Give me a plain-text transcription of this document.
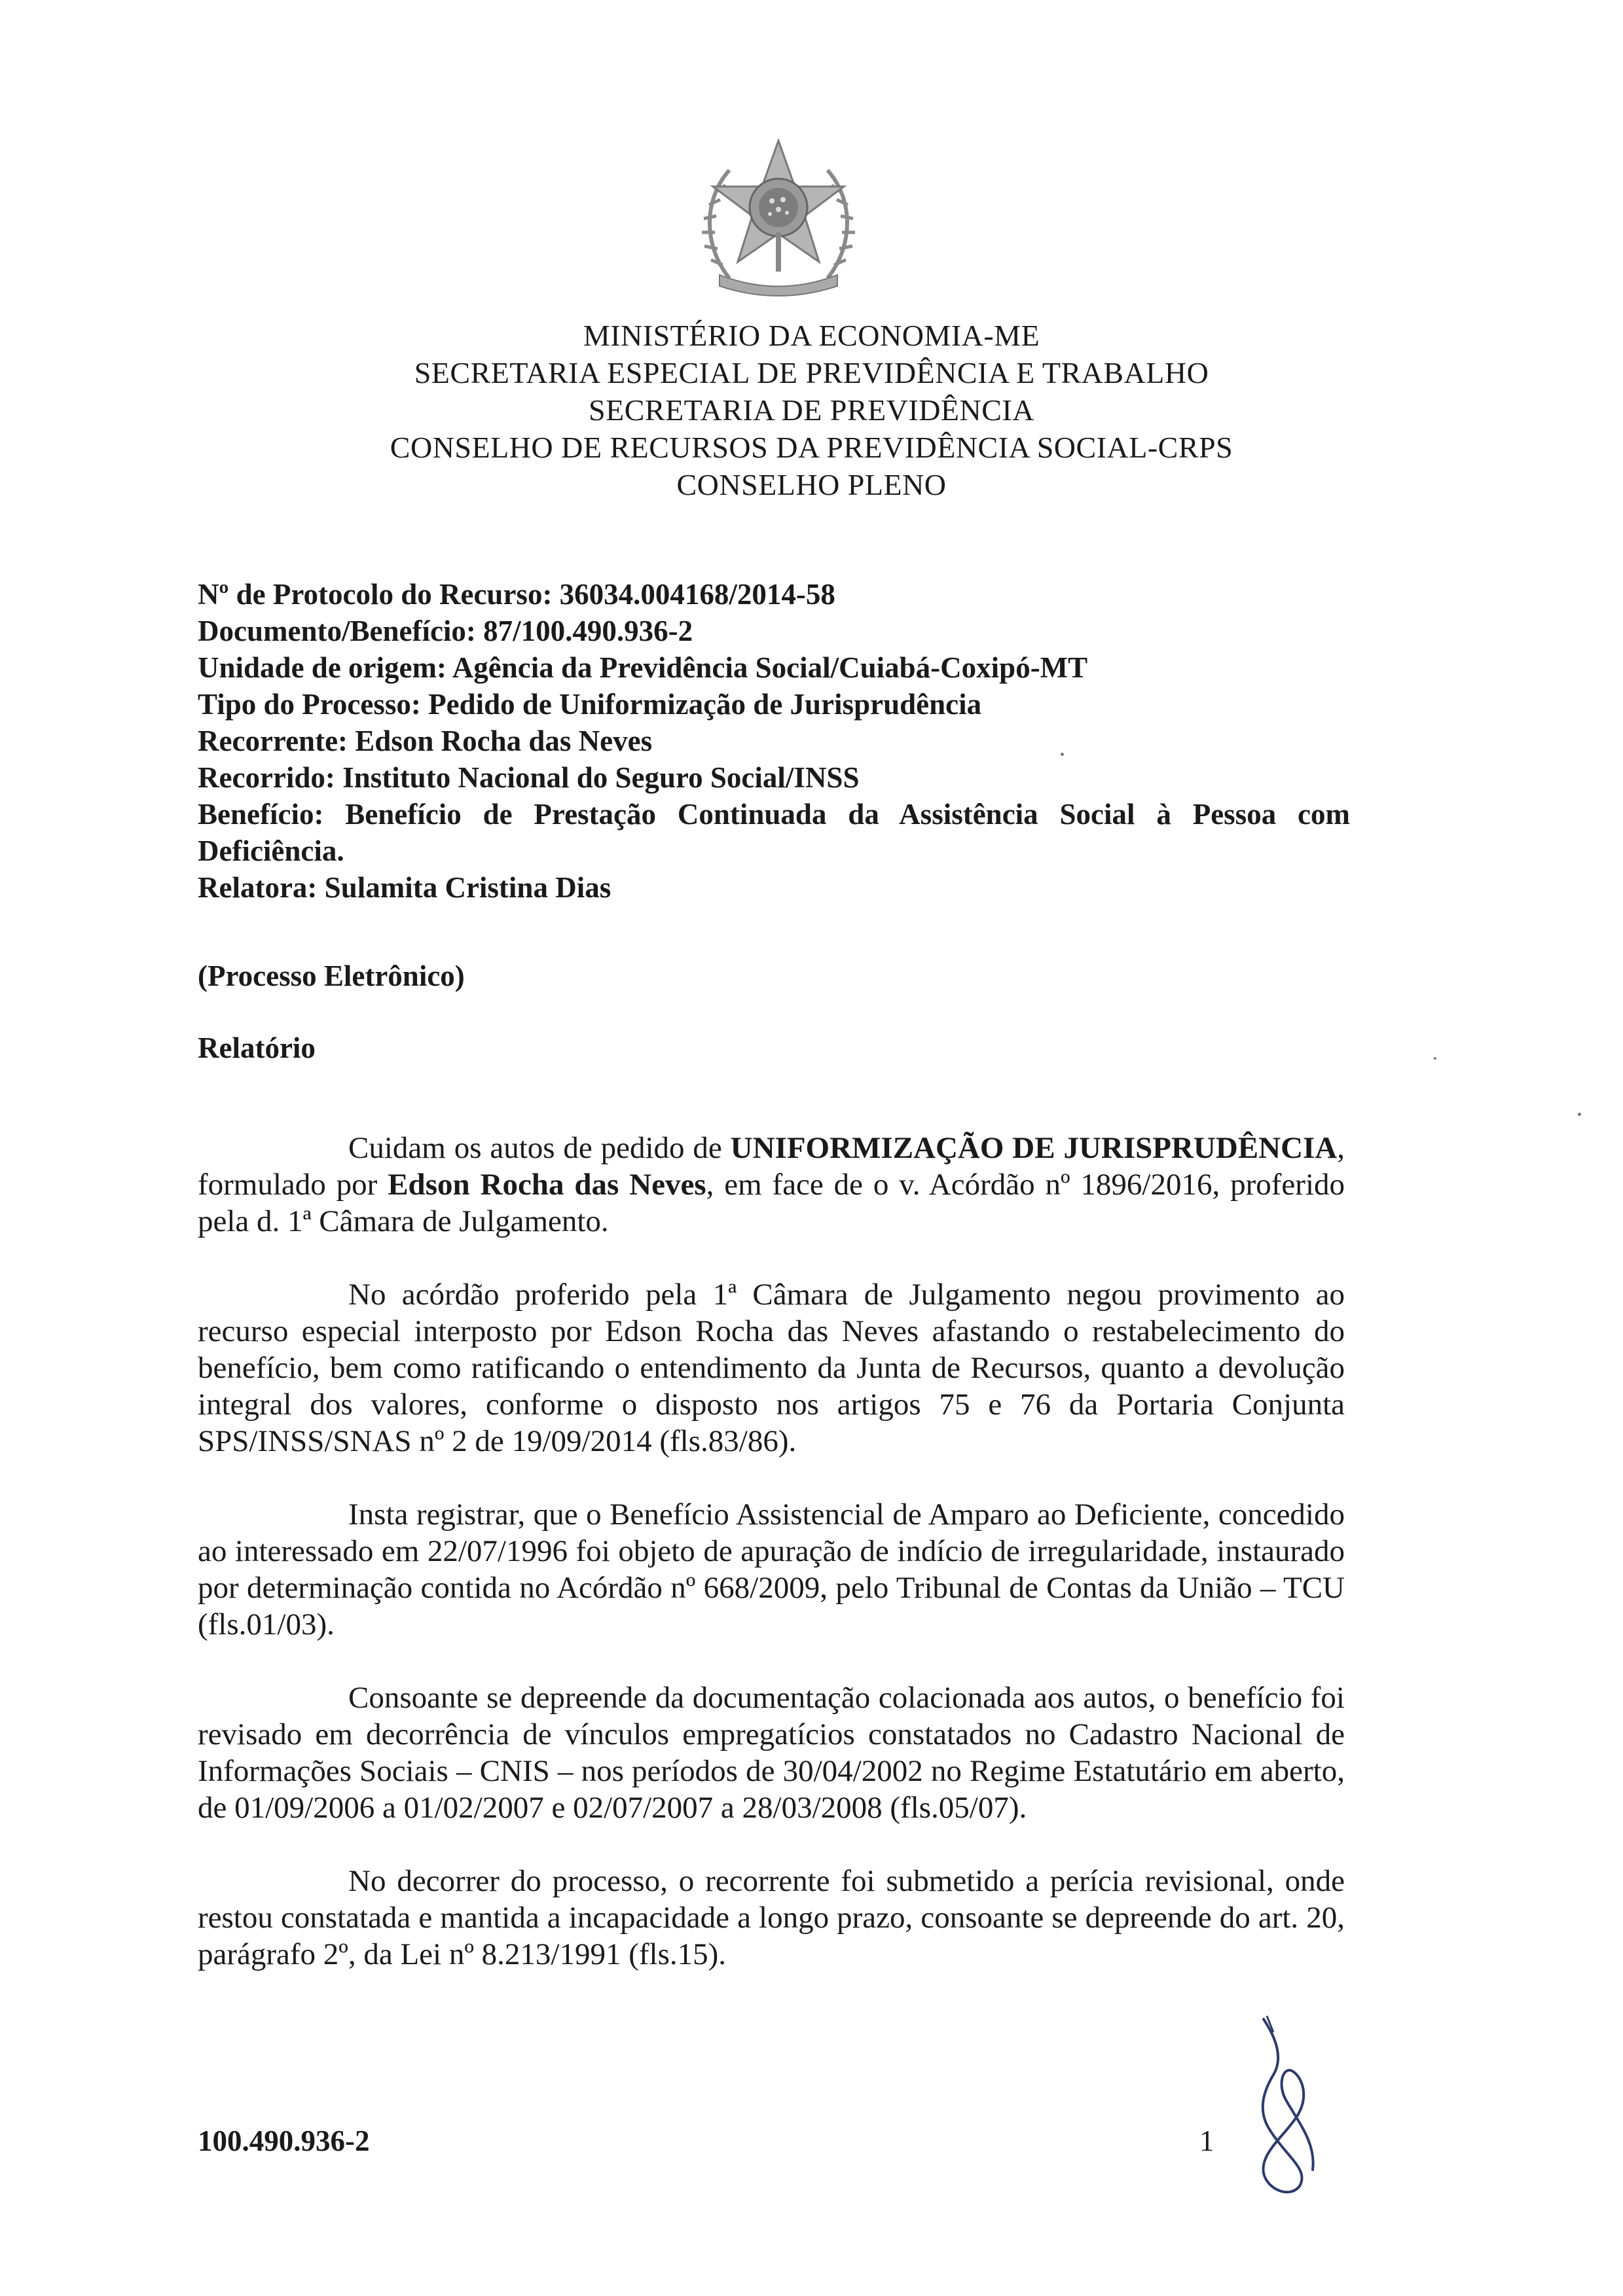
MINISTÉRIO DA ECONOMIA-ME
SECRETARIA ESPECIAL DE PREVIDÊNCIA E TRABALHO
SECRETARIA DE PREVIDÊNCIA
CONSELHO DE RECURSOS DA PREVIDÊNCIA SOCIAL-CRPS
CONSELHO PLENO
Nº de Protocolo do Recurso: 36034.004168/2014-58
Documento/Benefício: 87/100.490.936-2
Unidade de origem: Agência da Previdência Social/Cuiabá-Coxipó-MT
Tipo do Processo: Pedido de Uniformização de Jurisprudência
Recorrente: Edson Rocha das Neves
Recorrido: Instituto Nacional do Seguro Social/INSS
Benefício: Benefício de Prestação Continuada da Assistência Social à Pessoa com Deficiência.
Relatora: Sulamita Cristina Dias
(Processo Eletrônico)
Relatório

Cuidam os autos de pedido de UNIFORMIZAÇÃO DE JURISPRUDÊNCIA, formulado por Edson Rocha das Neves, em face de o v. Acórdão nº 1896/2016, proferido pela d. 1ª Câmara de Julgamento.

No acórdão proferido pela 1ª Câmara de Julgamento negou provimento ao recurso especial interposto por Edson Rocha das Neves afastando o restabelecimento do benefício, bem como ratificando o entendimento da Junta de Recursos, quanto a devolução integral dos valores, conforme o disposto nos artigos 75 e 76 da Portaria Conjunta SPS/INSS/SNAS nº 2 de 19/09/2014 (fls.83/86).

Insta registrar, que o Benefício Assistencial de Amparo ao Deficiente, concedido ao interessado em 22/07/1996 foi objeto de apuração de indício de irregularidade, instaurado por determinação contida no Acórdão nº 668/2009, pelo Tribunal de Contas da União – TCU (fls.01/03).

Consoante se depreende da documentação colacionada aos autos, o benefício foi revisado em decorrência de vínculos empregatícios constatados no Cadastro Nacional de Informações Sociais – CNIS – nos períodos de 30/04/2002 no Regime Estatutário em aberto, de 01/09/2006 a 01/02/2007 e 02/07/2007 a 28/03/2008 (fls.05/07).

No decorrer do processo, o recorrente foi submetido a perícia revisional, onde restou constatada e mantida a incapacidade a longo prazo, consoante se depreende do art. 20, parágrafo 2º, da Lei nº 8.213/1991 (fls.15).

100.490.936-2	1
